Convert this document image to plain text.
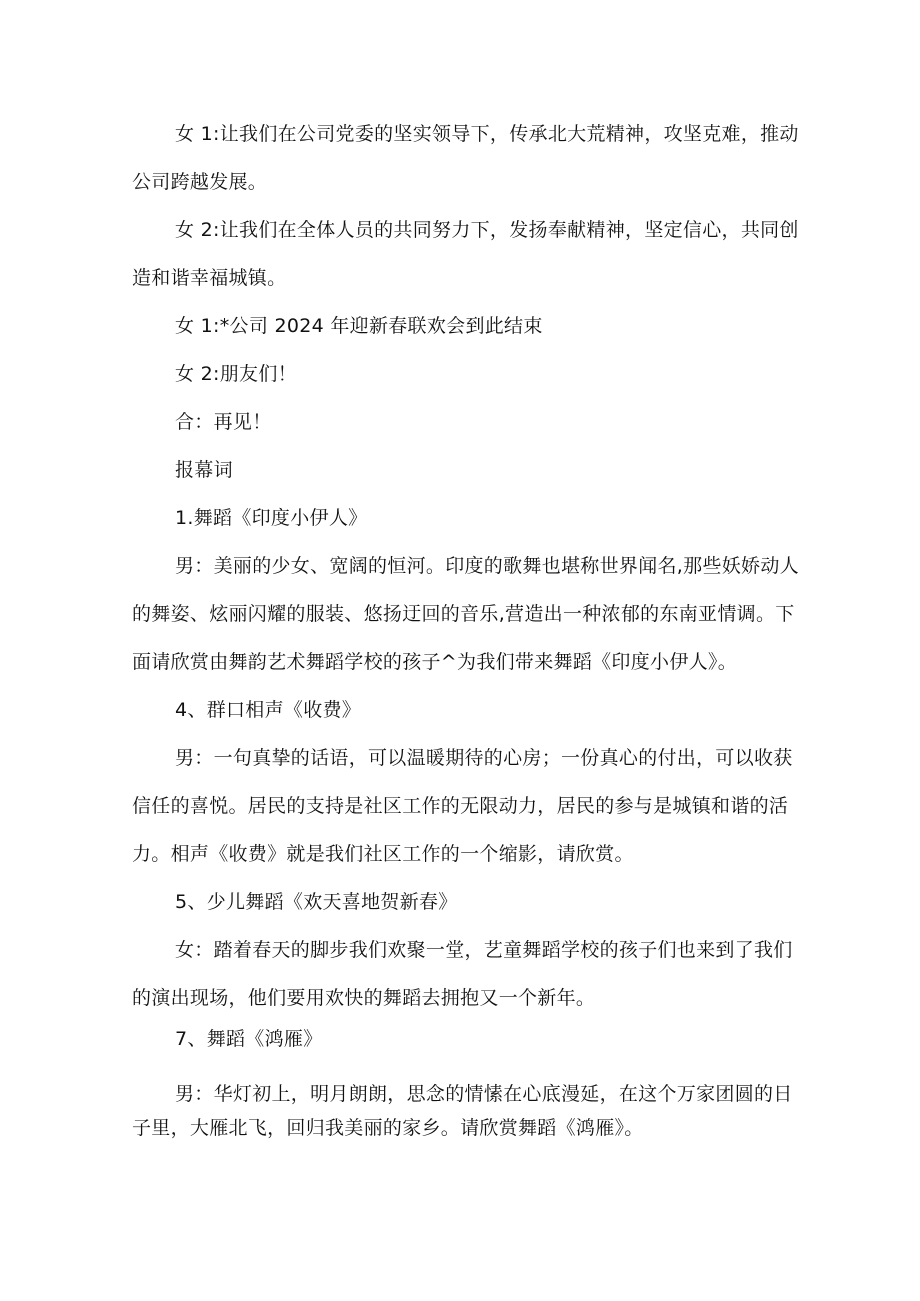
女 1:让我们在公司党委的坚实领导下，传承北大荒精神，攻坚克难，推动
公司跨越发展。
女 2:让我们在全体人员的共同努力下，发扬奉献精神，坚定信心，共同创
造和谐幸福城镇。
女 1:*公司 2024 年迎新春联欢会到此结束
女 2:朋友们！
合：再见！
报幕词
1.舞蹈《印度小伊人》
男：美丽的少女、宽阔的恒河。印度的歌舞也堪称世界闻名,那些妖娇动人
的舞姿、炫丽闪耀的服装、悠扬迂回的音乐,营造出一种浓郁的东南亚情调。下
面请欣赏由舞韵艺术舞蹈学校的孩子^为我们带来舞蹈《印度小伊人》。
4、群口相声《收费》
男：一句真挚的话语，可以温暖期待的心房；一份真心的付出，可以收获
信任的喜悦。居民的支持是社区工作的无限动力，居民的参与是城镇和谐的活
力。相声《收费》就是我们社区工作的一个缩影，请欣赏。
5、少儿舞蹈《欢天喜地贺新春》
女：踏着春天的脚步我们欢聚一堂，艺童舞蹈学校的孩子们也来到了我们
的演出现场，他们要用欢快的舞蹈去拥抱又一个新年。
7、舞蹈《鸿雁》
男：华灯初上，明月朗朗，思念的情愫在心底漫延，在这个万家团圆的日
子里，大雁北飞，回归我美丽的家乡。请欣赏舞蹈《鸿雁》。
